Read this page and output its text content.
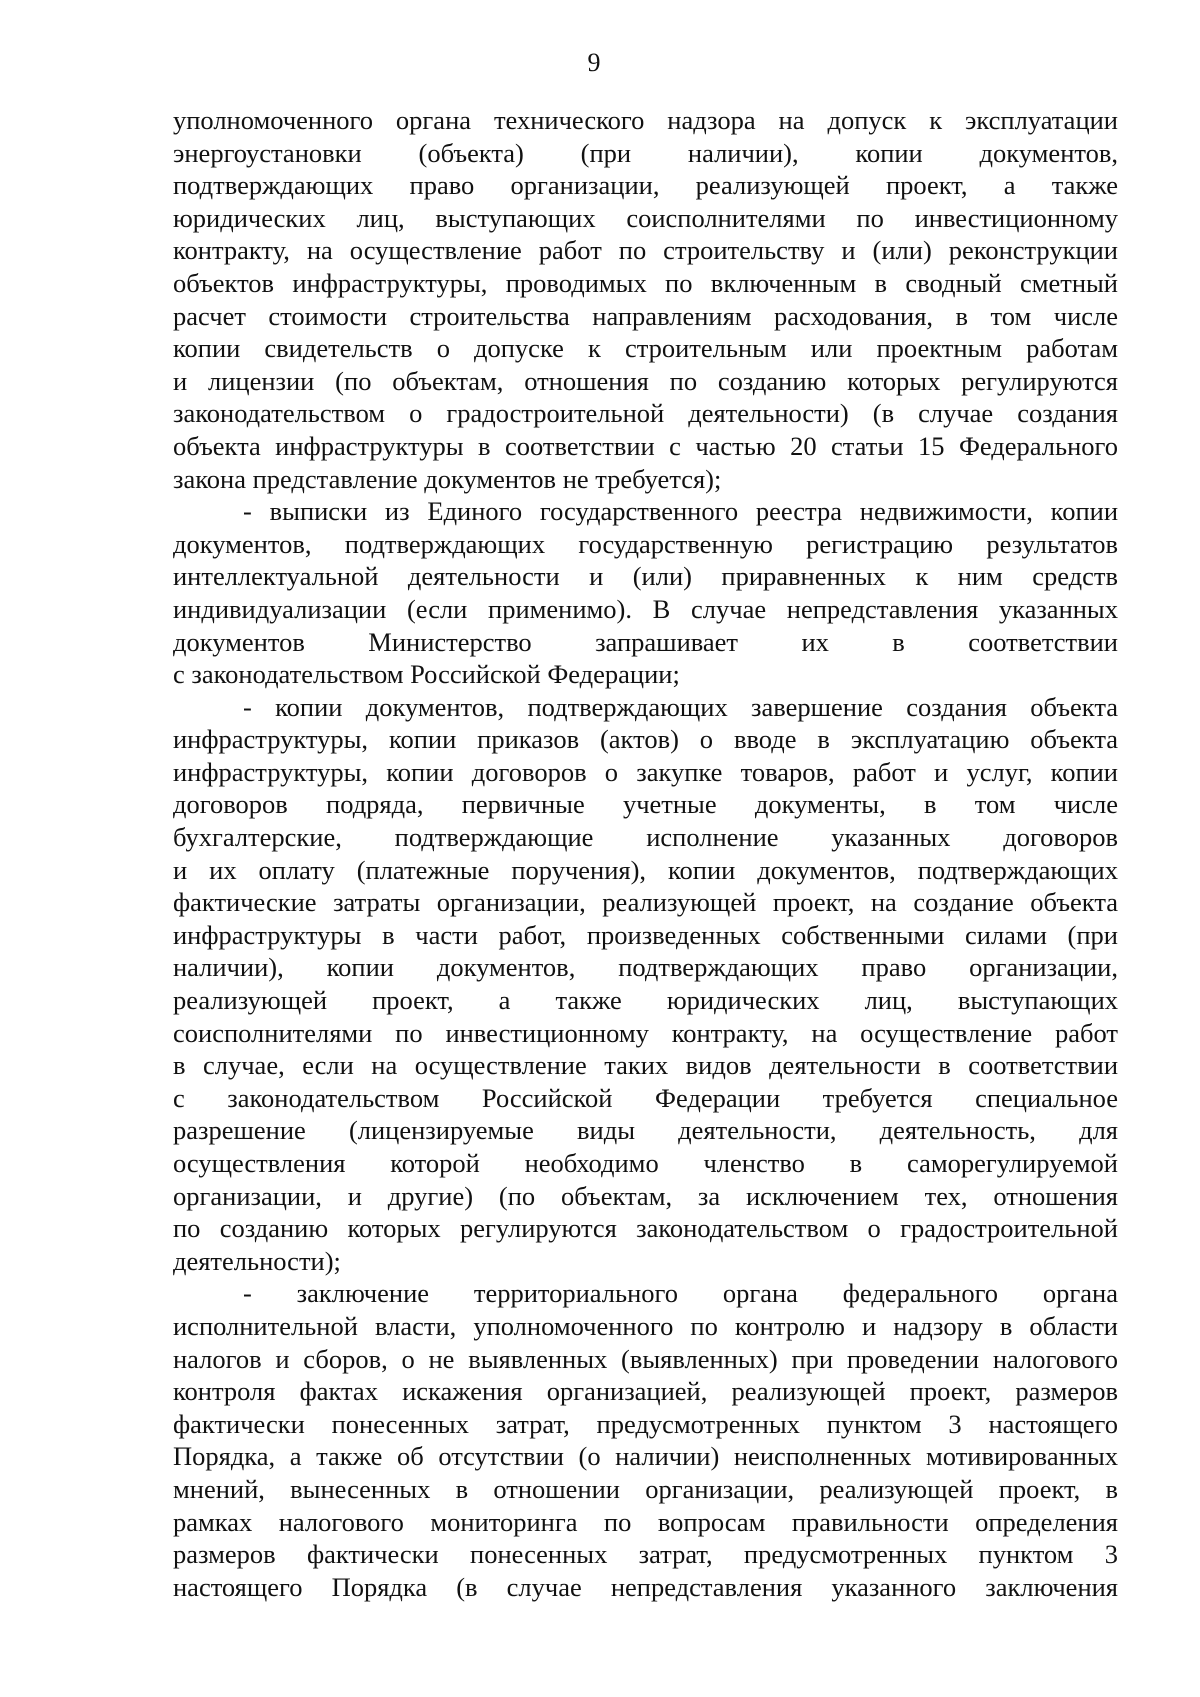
9
уполномоченного органа технического надзора на допуск к эксплуатации
энергоустановки (объекта) (при наличии), копии документов,
подтверждающих право организации, реализующей проект, а также
юридических лиц, выступающих соисполнителями по инвестиционному
контракту, на осуществление работ по строительству и (или) реконструкции
объектов инфраструктуры, проводимых по включенным в сводный сметный
расчет стоимости строительства направлениям расходования, в том числе
копии свидетельств о допуске к строительным или проектным работам
и лицензии (по объектам, отношения по созданию которых регулируются
законодательством о градостроительной деятельности) (в случае создания
объекта инфраструктуры в соответствии с частью 20 статьи 15 Федерального
закона представление документов не требуется);
- выписки из Единого государственного реестра недвижимости, копии
документов, подтверждающих государственную регистрацию результатов
интеллектуальной деятельности и (или) приравненных к ним средств
индивидуализации (если применимо). В случае непредставления указанных
документов Министерство запрашивает их в соответствии
с законодательством Российской Федерации;
- копии документов, подтверждающих завершение создания объекта
инфраструктуры, копии приказов (актов) о вводе в эксплуатацию объекта
инфраструктуры, копии договоров о закупке товаров, работ и услуг, копии
договоров подряда, первичные учетные документы, в том числе
бухгалтерские, подтверждающие исполнение указанных договоров
и их оплату (платежные поручения), копии документов, подтверждающих
фактические затраты организации, реализующей проект, на создание объекта
инфраструктуры в части работ, произведенных собственными силами (при
наличии), копии документов, подтверждающих право организации,
реализующей проект, а также юридических лиц, выступающих
соисполнителями по инвестиционному контракту, на осуществление работ
в случае, если на осуществление таких видов деятельности в соответствии
с законодательством Российской Федерации требуется специальное
разрешение (лицензируемые виды деятельности, деятельность, для
осуществления которой необходимо членство в саморегулируемой
организации, и другие) (по объектам, за исключением тех, отношения
по созданию которых регулируются законодательством о градостроительной
деятельности);
- заключение территориального органа федерального органа
исполнительной власти, уполномоченного по контролю и надзору в области
налогов и сборов, о не выявленных (выявленных) при проведении налогового
контроля фактах искажения организацией, реализующей проект, размеров
фактически понесенных затрат, предусмотренных пунктом 3 настоящего
Порядка, а также об отсутствии (о наличии) неисполненных мотивированных
мнений, вынесенных в отношении организации, реализующей проект, в
рамках налогового мониторинга по вопросам правильности определения
размеров фактически понесенных затрат, предусмотренных пунктом 3
настоящего Порядка (в случае непредставления указанного заключения
